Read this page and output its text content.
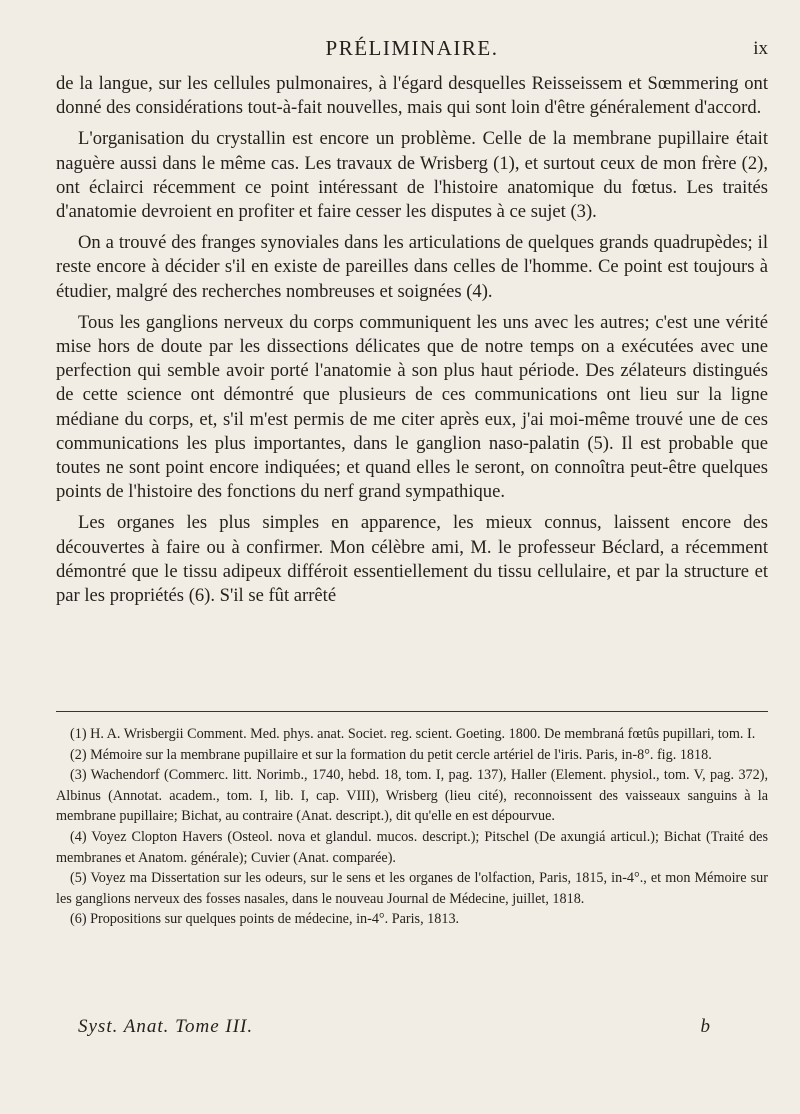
PRÉLIMINAIRE.	ix

de la langue, sur les cellules pulmonaires, à l'égard desquelles Reisseissem et Sœmmering ont donné des considérations tout-à-fait nouvelles, mais qui sont loin d'être généralement d'accord.

L'organisation du crystallin est encore un problème. Celle de la membrane pupillaire était naguère aussi dans le même cas. Les travaux de Wrisberg (1), et surtout ceux de mon frère (2), ont éclairci récemment ce point intéressant de l'histoire anatomique du fœtus. Les traités d'anatomie devroient en profiter et faire cesser les disputes à ce sujet (3).

On a trouvé des franges synoviales dans les articulations de quelques grands quadrupèdes; il reste encore à décider s'il en existe de pareilles dans celles de l'homme. Ce point est toujours à étudier, malgré des recherches nombreuses et soignées (4).

Tous les ganglions nerveux du corps communiquent les uns avec les autres; c'est une vérité mise hors de doute par les dissections délicates que de notre temps on a exécutées avec une perfection qui semble avoir porté l'anatomie à son plus haut période. Des zélateurs distingués de cette science ont démontré que plusieurs de ces communications ont lieu sur la ligne médiane du corps, et, s'il m'est permis de me citer après eux, j'ai moi-même trouvé une de ces communications les plus importantes, dans le ganglion naso-palatin (5). Il est probable que toutes ne sont point encore indiquées; et quand elles le seront, on connoîtra peut-être quelques points de l'histoire des fonctions du nerf grand sympathique.

Les organes les plus simples en apparence, les mieux connus, laissent encore des découvertes à faire ou à confirmer. Mon célèbre ami, M. le professeur Béclard, a récemment démontré que le tissu adipeux différoit essentiellement du tissu cellulaire, et par la structure et par les propriétés (6). S'il se fût arrêté

(1) H. A. Wrisbergii Comment. Med. phys. anat. Societ. reg. scient. Goeting. 1800. De membraná fœtûs pupillari, tom. I.

(2) Mémoire sur la membrane pupillaire et sur la formation du petit cercle artériel de l'iris. Paris, in-8°. fig. 1818.

(3) Wachendorf (Commerc. litt. Norimb., 1740, hebd. 18, tom. I, pag. 137), Haller (Element. physiol., tom. V, pag. 372), Albinus (Annotat. academ., tom. I, lib. I, cap. VIII), Wrisberg (lieu cité), reconnoissent des vaisseaux sanguins à la membrane pupillaire; Bichat, au contraire (Anat. descript.), dit qu'elle en est dépourvue.

(4) Voyez Clopton Havers (Osteol. nova et glandul. mucos. descript.); Pitschel (De axungiá articul.); Bichat (Traité des membranes et Anatom. générale); Cuvier (Anat. comparée).

(5) Voyez ma Dissertation sur les odeurs, sur le sens et les organes de l'olfaction, Paris, 1815, in-4°., et mon Mémoire sur les ganglions nerveux des fosses nasales, dans le nouveau Journal de Médecine, juillet, 1818.

(6) Propositions sur quelques points de médecine, in-4°. Paris, 1813.

Syst. Anat. Tome III.	b
